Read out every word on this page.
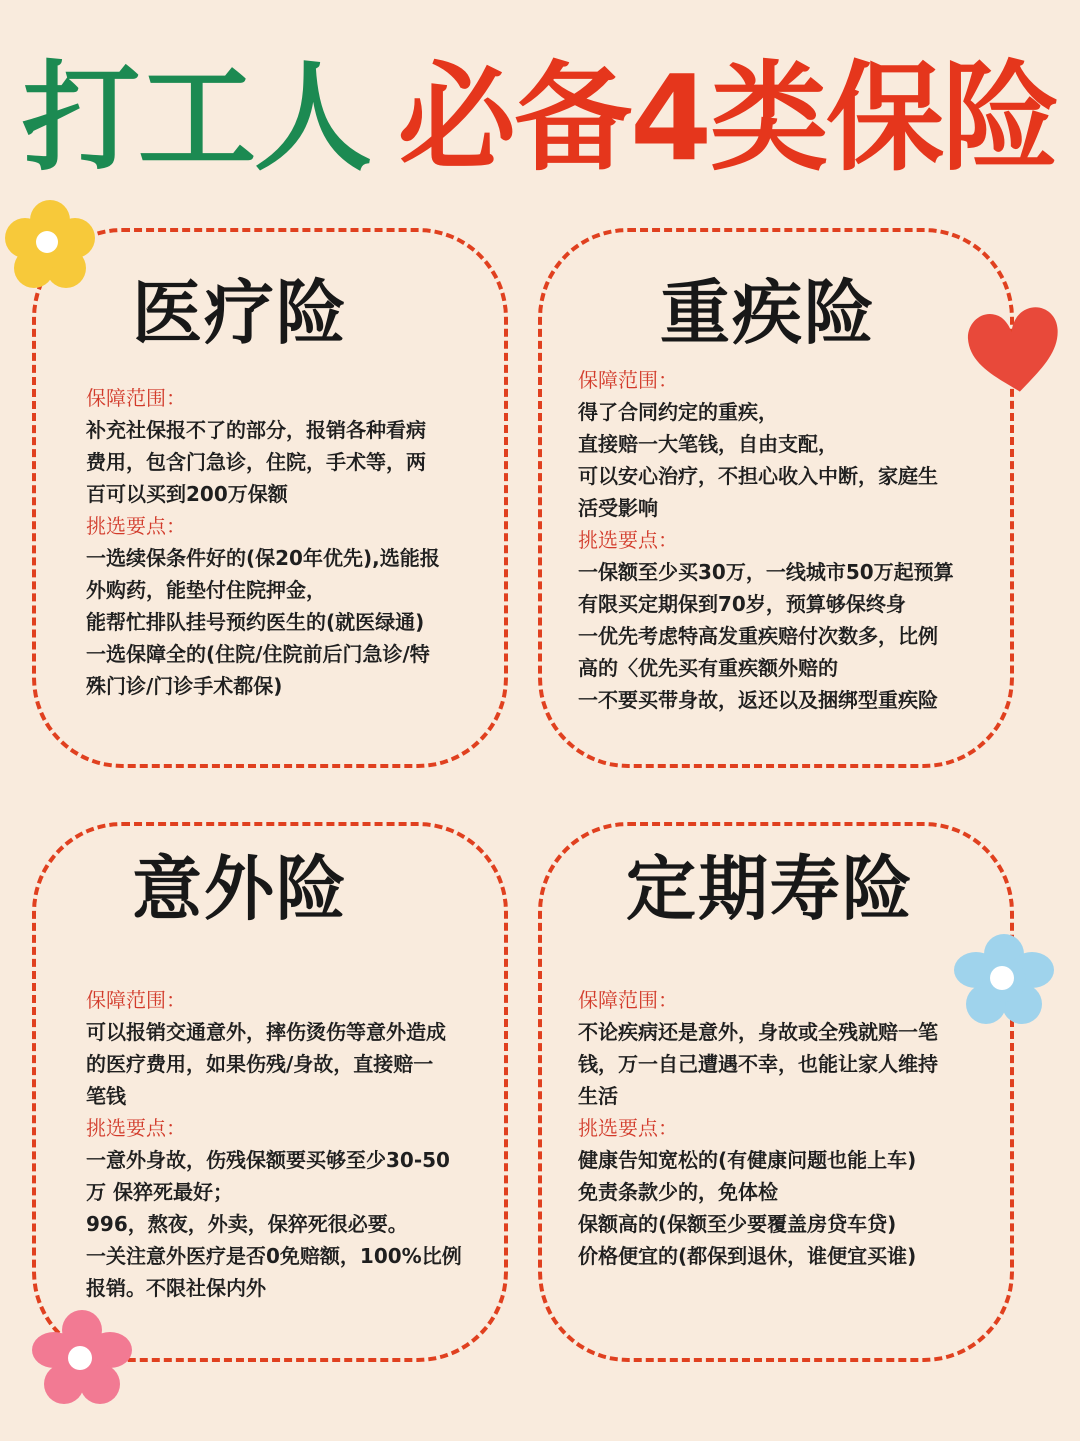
打工人 必备4类保险
医疗险
保障范围：
补充社保报不了的部分，报销各种看病
费用，包含门急诊，住院，手术等，两
百可以买到200万保额
挑选要点：
一选续保条件好的(保20年优先),选能报
外购药，能垫付住院押金，
能帮忙排队挂号预约医生的(就医绿通)
一选保障全的(住院/住院前后门急诊/特
殊门诊/门诊手术都保)
重疾险
保障范围：
得了合同约定的重疾，
直接赔一大笔钱，自由支配，
可以安心治疗，不担心收入中断，家庭生
活受影响
挑选要点：
一保额至少买30万，一线城市50万起预算
有限买定期保到70岁，预算够保终身
一优先考虑特高发重疾赔付次数多，比例
高的〈优先买有重疾额外赔的
一不要买带身故，返还以及捆绑型重疾险
意外险
保障范围：
可以报销交通意外，摔伤烫伤等意外造成
的医疗费用，如果伤残/身故，直接赔一
笔钱
挑选要点：
一意外身故，伤残保额要买够至少30-50
万 保猝死最好；
996，熬夜，外卖，保猝死很必要。
一关注意外医疗是否0免赔额，100%比例
报销。不限社保内外
定期寿险
保障范围：
不论疾病还是意外，身故或全残就赔一笔
钱，万一自己遭遇不幸，也能让家人维持
生活
挑选要点：
健康告知宽松的(有健康问题也能上车)
免责条款少的，免体检
保额高的(保额至少要覆盖房贷车贷)
价格便宜的(都保到退休，谁便宜买谁)
